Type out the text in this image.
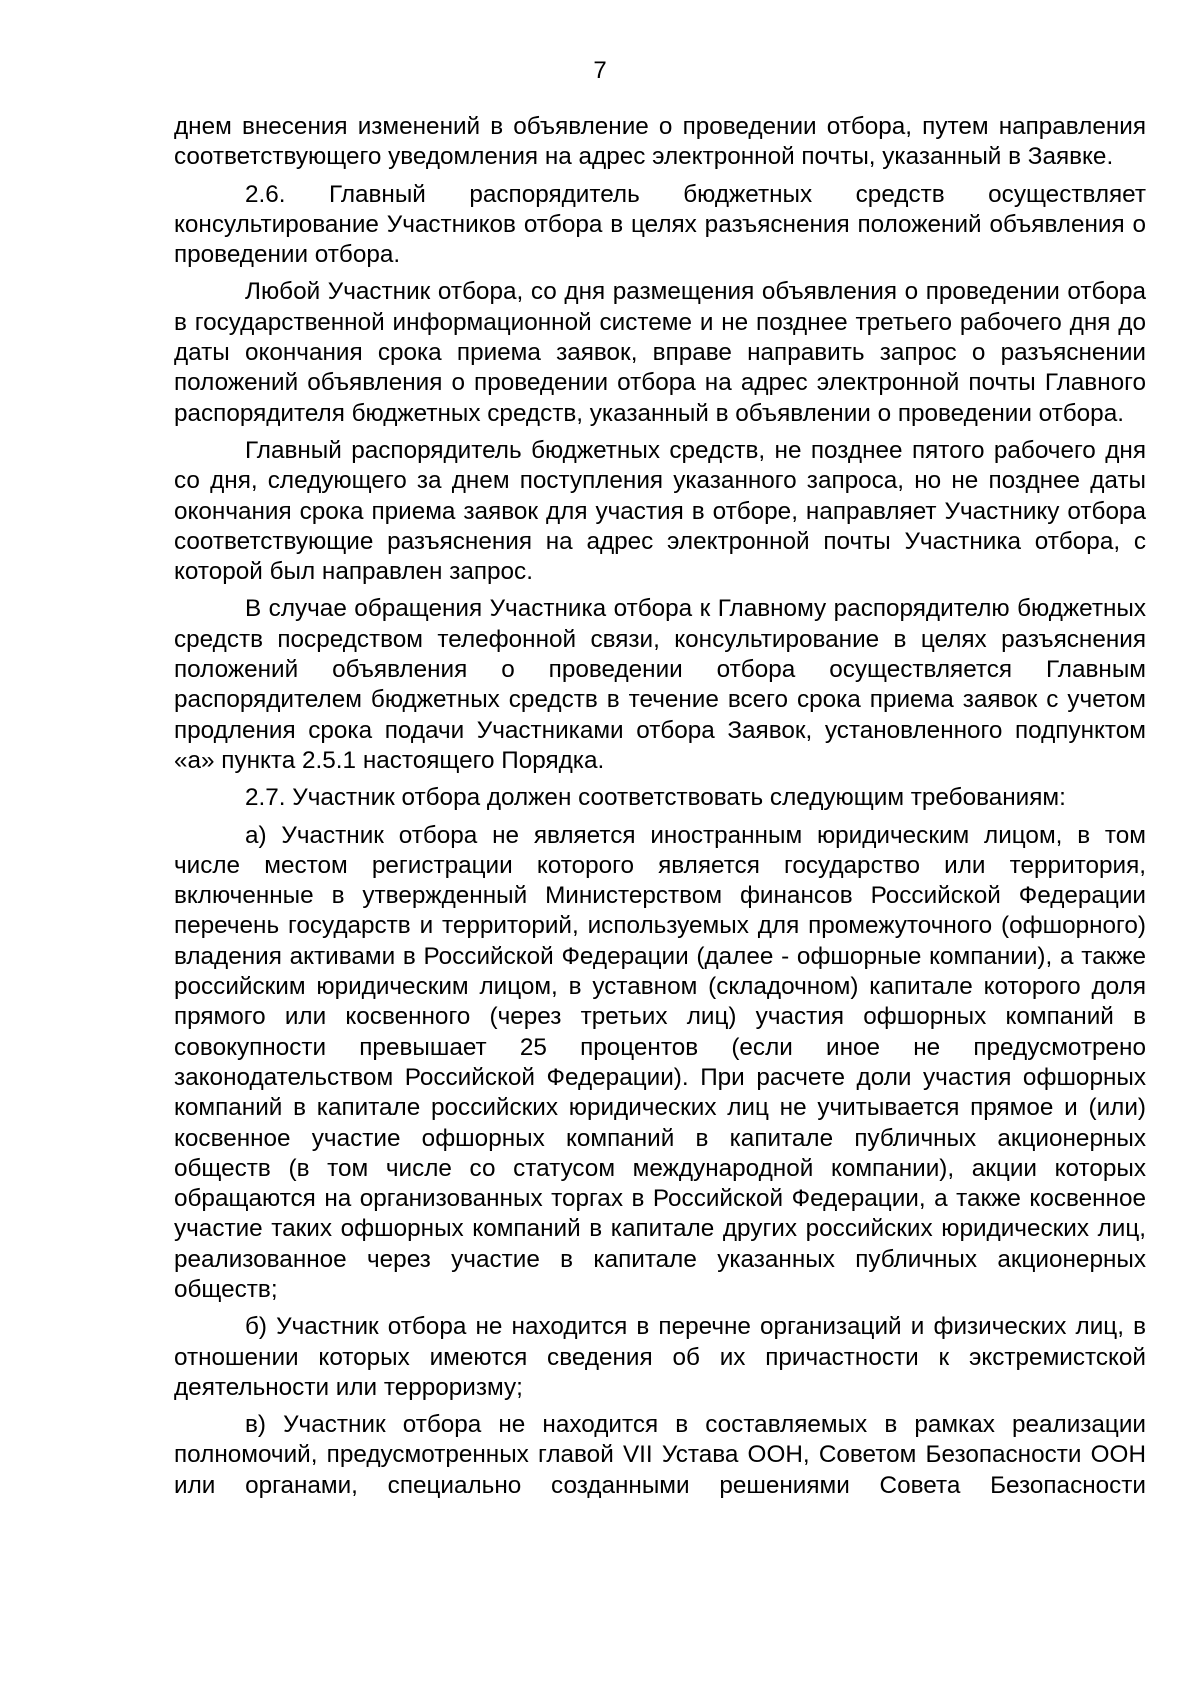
7

днем внесения изменений в объявление о проведении отбора, путем направления соответствующего уведомления на адрес электронной почты, указанный в Заявке.

2.6. Главный распорядитель бюджетных средств осуществляет консультирование Участников отбора в целях разъяснения положений объявления о проведении отбора.

Любой Участник отбора, со дня размещения объявления о проведении отбора в государственной информационной системе и не позднее третьего рабочего дня до даты окончания срока приема заявок, вправе направить запрос о разъяснении положений объявления о проведении отбора на адрес электронной почты Главного распорядителя бюджетных средств, указанный в объявлении о проведении отбора.

Главный распорядитель бюджетных средств, не позднее пятого рабочего дня со дня, следующего за днем поступления указанного запроса, но не позднее даты окончания срока приема заявок для участия в отборе, направляет Участнику отбора соответствующие разъяснения на адрес электронной почты Участника отбора, с которой был направлен запрос.

В случае обращения Участника отбора к Главному распорядителю бюджетных средств посредством телефонной связи, консультирование в целях разъяснения положений объявления о проведении отбора осуществляется Главным распорядителем бюджетных средств в течение всего срока приема заявок с учетом продления срока подачи Участниками отбора Заявок, установленного подпунктом «а» пункта 2.5.1 настоящего Порядка.

2.7. Участник отбора должен соответствовать следующим требованиям:

а) Участник отбора не является иностранным юридическим лицом, в том числе местом регистрации которого является государство или территория, включенные в утвержденный Министерством финансов Российской Федерации перечень государств и территорий, используемых для промежуточного (офшорного) владения активами в Российской Федерации (далее - офшорные компании), а также российским юридическим лицом, в уставном (складочном) капитале которого доля прямого или косвенного (через третьих лиц) участия офшорных компаний в совокупности превышает 25 процентов (если иное не предусмотрено законодательством Российской Федерации). При расчете доли участия офшорных компаний в капитале российских юридических лиц не учитывается прямое и (или) косвенное участие офшорных компаний в капитале публичных акционерных обществ (в том числе со статусом международной компании), акции которых обращаются на организованных торгах в Российской Федерации, а также косвенное участие таких офшорных компаний в капитале других российских юридических лиц, реализованное через участие в капитале указанных публичных акционерных обществ;

б) Участник отбора не находится в перечне организаций и физических лиц, в отношении которых имеются сведения об их причастности к экстремистской деятельности или терроризму;

в) Участник отбора не находится в составляемых в рамках реализации полномочий, предусмотренных главой VII Устава ООН, Советом Безопасности ООН или органами, специально созданными решениями Совета Безопасности
